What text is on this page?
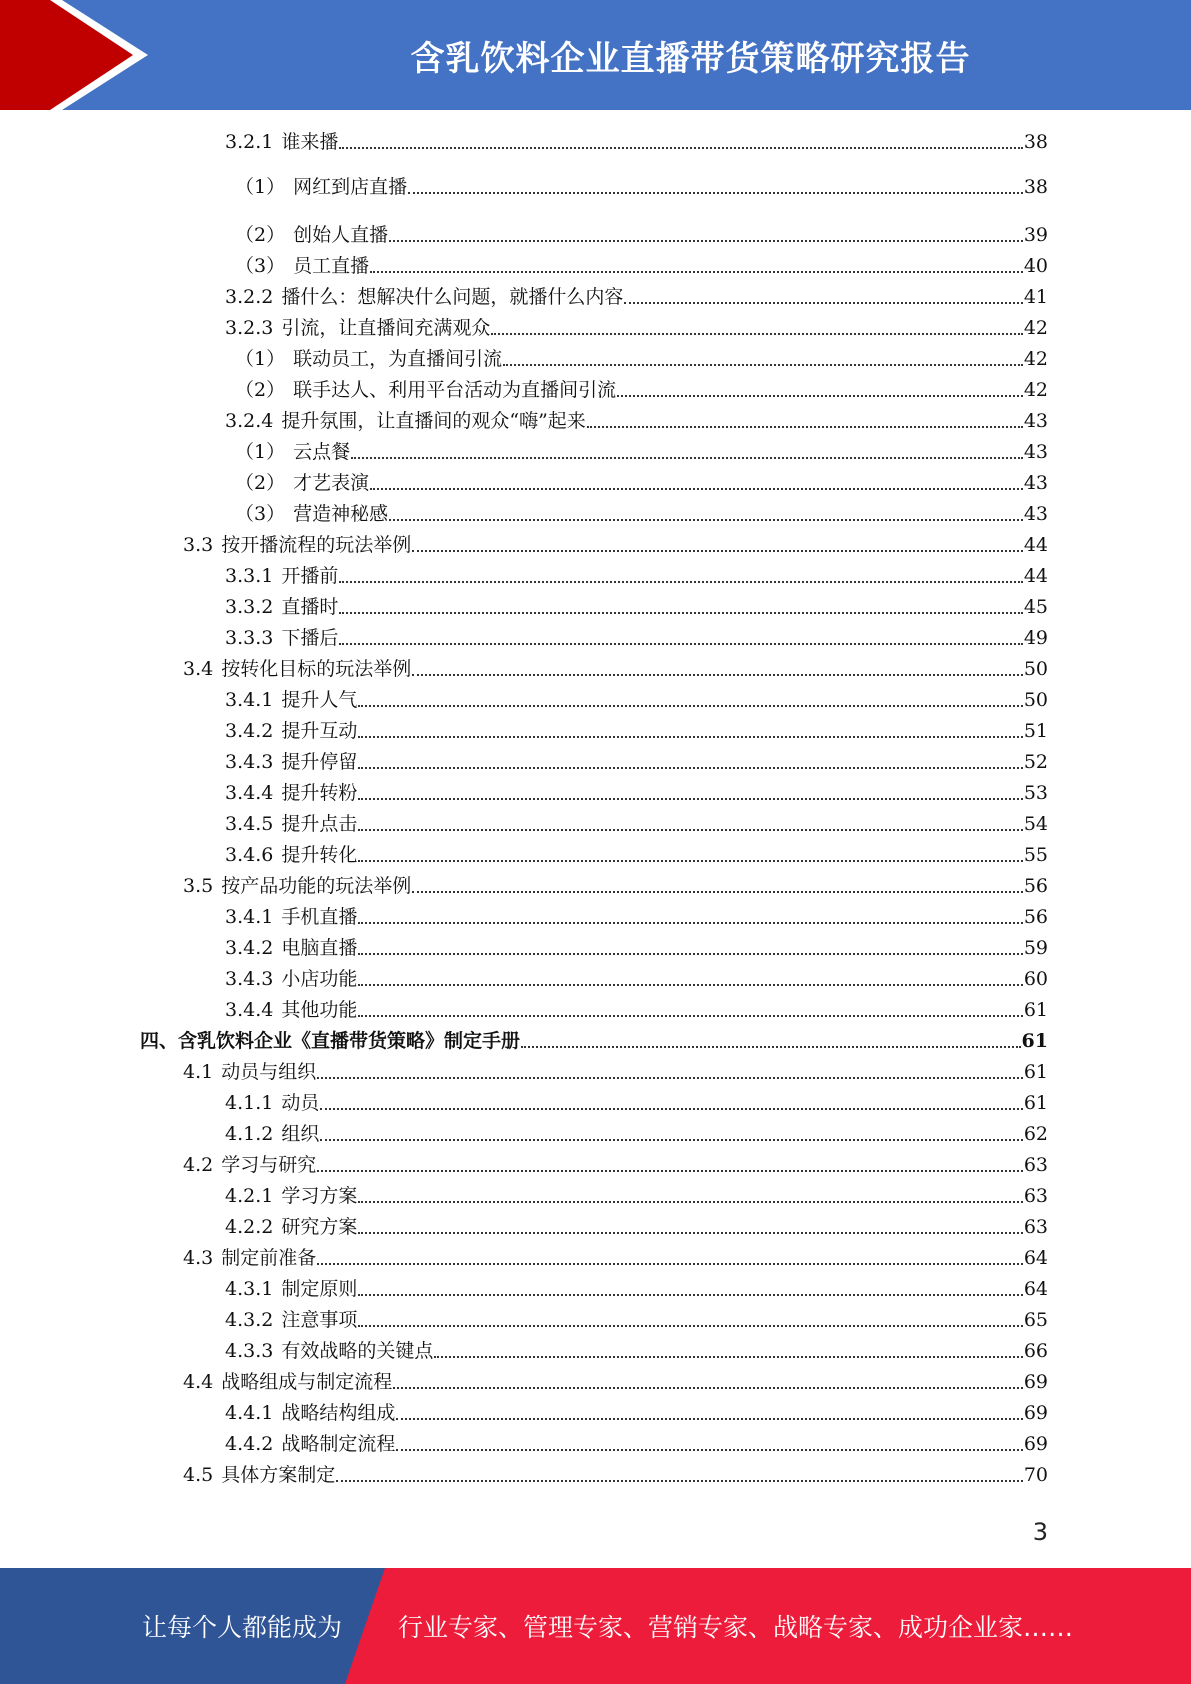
含乳饮料企业直播带货策略研究报告
3.2.1 谁来播	38
（1） 网红到店直播	38
（2） 创始人直播	39
（3） 员工直播	40
3.2.2 播什么：想解决什么问题，就播什么内容	41
3.2.3 引流，让直播间充满观众	42
（1） 联动员工，为直播间引流	42
（2） 联手达人、利用平台活动为直播间引流	42
3.2.4 提升氛围，让直播间的观众“嗨”起来	43
（1） 云点餐	43
（2） 才艺表演	43
（3） 营造神秘感	43
3.3 按开播流程的玩法举例	44
3.3.1 开播前	44
3.3.2 直播时	45
3.3.3 下播后	49
3.4 按转化目标的玩法举例	50
3.4.1 提升人气	50
3.4.2 提升互动	51
3.4.3 提升停留	52
3.4.4 提升转粉	53
3.4.5 提升点击	54
3.4.6 提升转化	55
3.5 按产品功能的玩法举例	56
3.4.1 手机直播	56
3.4.2 电脑直播	59
3.4.3 小店功能	60
3.4.4 其他功能	61
四、 含乳饮料企业《直播带货策略》制定手册	61
4.1 动员与组织	61
4.1.1 动员	61
4.1.2 组织	62
4.2 学习与研究	63
4.2.1 学习方案	63
4.2.2 研究方案	63
4.3 制定前准备	64
4.3.1 制定原则	64
4.3.2 注意事项	65
4.3.3 有效战略的关键点	66
4.4 战略组成与制定流程	69
4.4.1 战略结构组成	69
4.4.2 战略制定流程	69
4.5 具体方案制定	70
3
让每个人都能成为 行业专家、管理专家、营销专家、战略专家、成功企业家……
